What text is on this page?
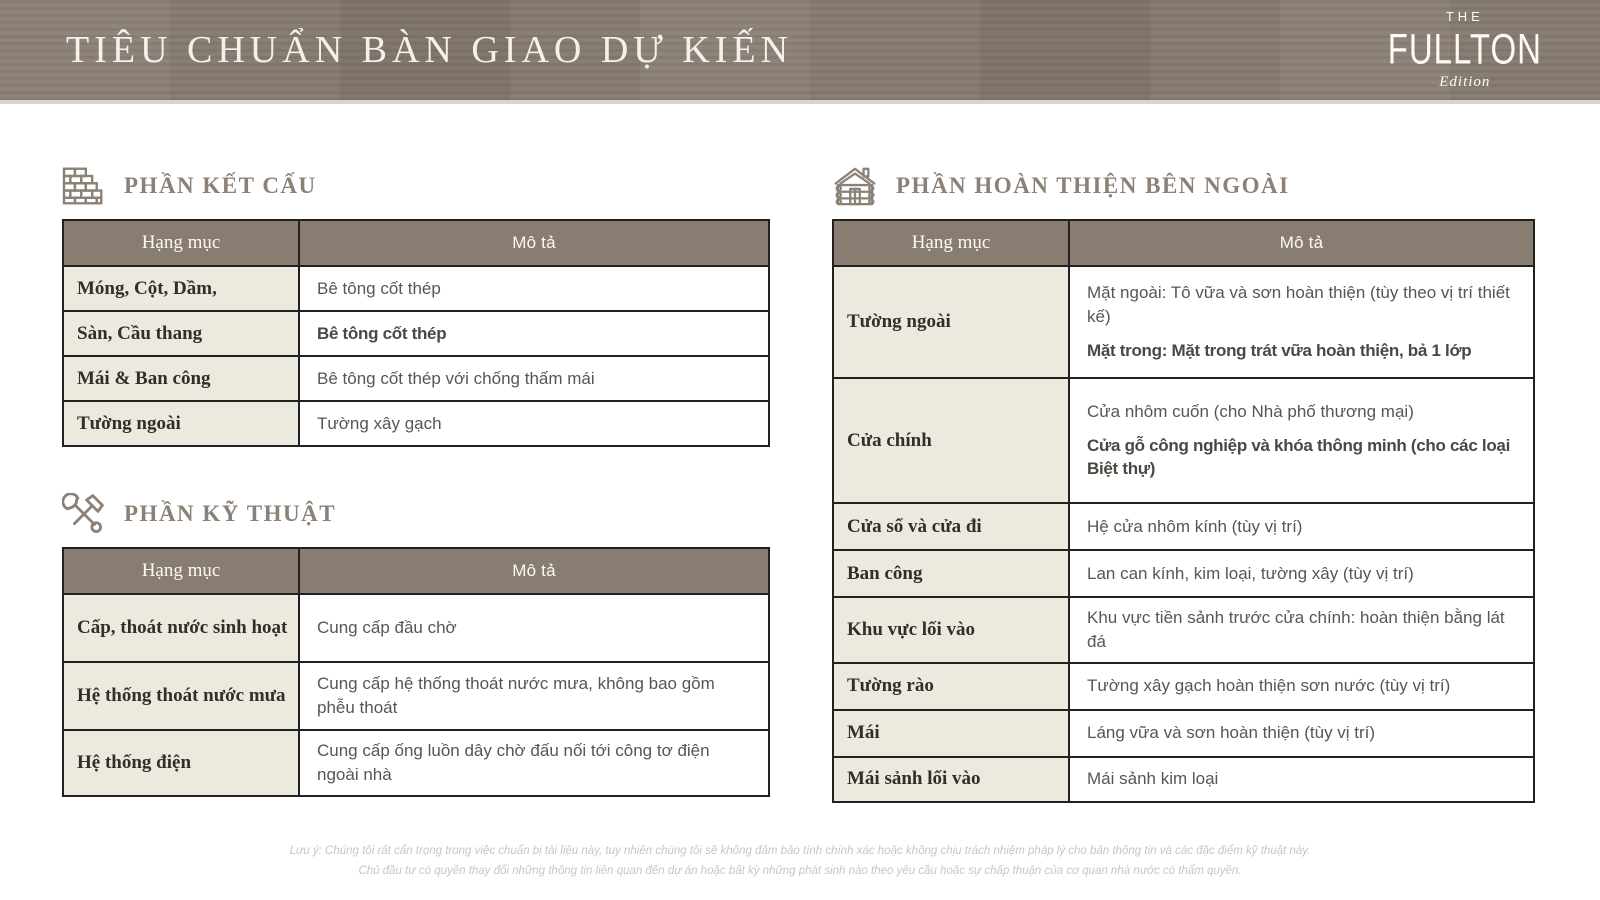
TIÊU CHUẨN BÀN GIAO DỰ KIẾN
THE
FULLTON
Edition
PHẦN KẾT CẤU
Hạng mục	Mô tả
Móng, Cột, Dầm,	Bê tông cốt thép

Sàn, Cầu thang	Bê tông cốt thép

Mái & Ban công	Bê tông cốt thép với chống thấm mái

Tường ngoài	Tường xây gạch
PHẦN KỸ THUẬT
Hạng mục	Mô tả
Cấp, thoát nước sinh hoạt	Cung cấp đầu chờ

Hệ thống thoát nước mưa	Cung cấp hệ thống thoát nước mưa, không bao gồm phễu thoát

Hệ thống điện	Cung cấp ống luồn dây chờ đấu nối tới công tơ điện ngoài nhà
PHẦN HOÀN THIỆN BÊN NGOÀI
Hạng mục	Mô tả
Tường ngoài	Mặt ngoài: Tô vữa và sơn hoàn thiện (tùy theo vị trí thiết kế)
Mặt trong: Mặt trong trát vữa hoàn thiện, bả 1 lớp

Cửa chính	Cửa nhôm cuốn (cho Nhà phố thương mại)
Cửa gỗ công nghiệp và khóa thông minh (cho các loại Biệt thự)

Cửa sổ và cửa đi	Hệ cửa nhôm kính (tùy vị trí)

Ban công	Lan can kính, kim loại, tường xây (tùy vị trí)

Khu vực lối vào	Khu vực tiền sảnh trước cửa chính: hoàn thiện bằng lát đá

Tường rào	Tường xây gạch hoàn thiện sơn nước (tùy vị trí)

Mái	Láng vữa và sơn hoàn thiện (tùy vị trí)

Mái sảnh lối vào	Mái sảnh kim loại
Lưu ý: Chúng tôi rất cẩn trọng trong việc chuẩn bị tài liệu này, tuy nhiên chúng tôi sẽ không đảm bảo tính chính xác hoặc không chịu trách nhiệm pháp lý cho bản thông tin và các đặc điểm kỹ thuật này.
Chủ đầu tư có quyền thay đổi những thông tin liên quan đến dự án hoặc bất kỳ những phát sinh nào theo yêu cầu hoặc sự chấp thuận của cơ quan nhà nước có thẩm quyền.
